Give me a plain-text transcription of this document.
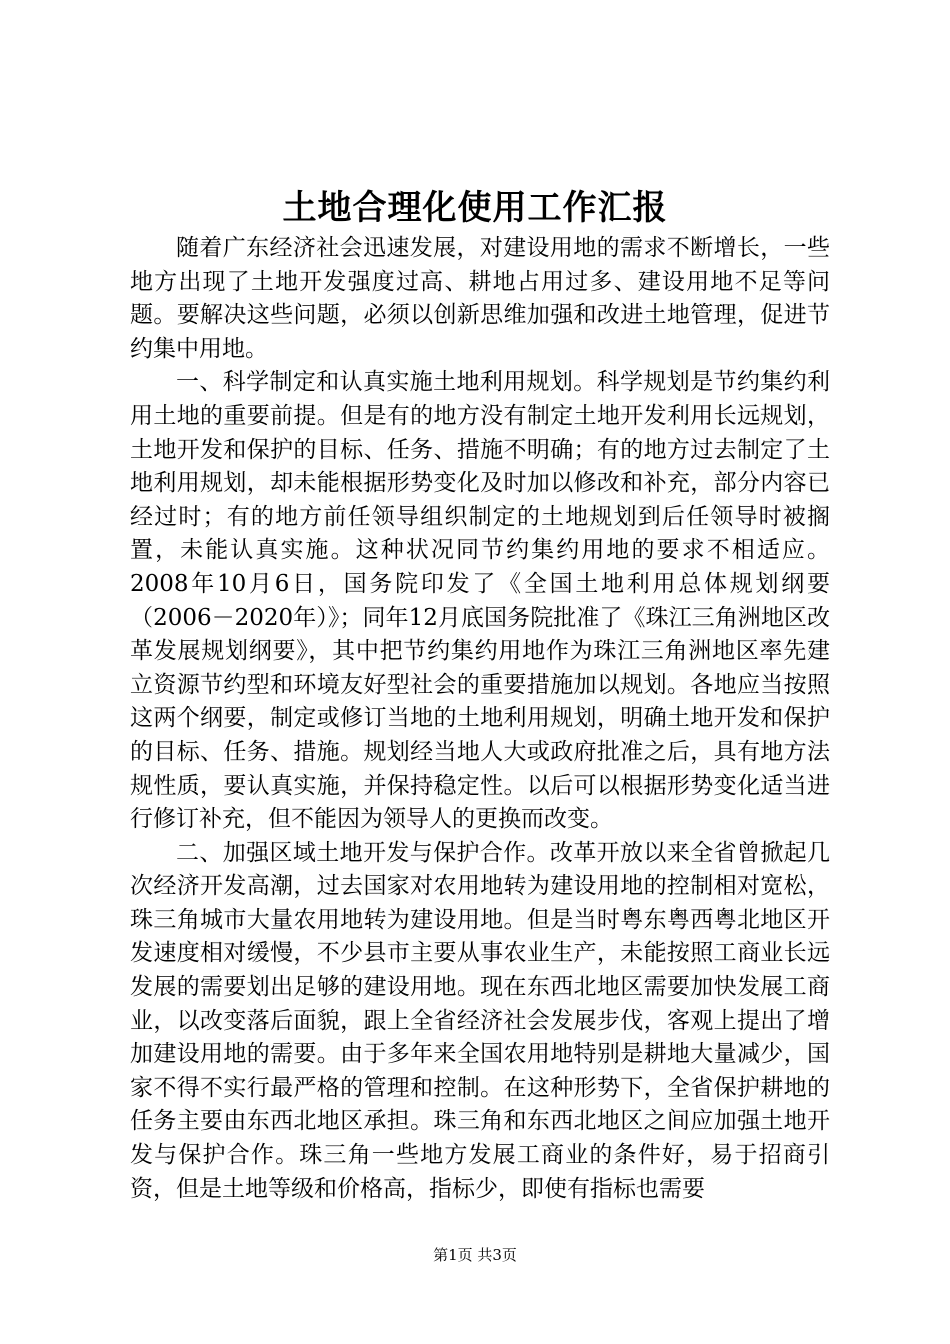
土地合理化使用工作汇报

随着广东经济社会迅速发展，对建设用地的需求不断增长，一些地方出现了土地开发强度过高、耕地占用过多、建设用地不足等问题。要解决这些问题，必须以创新思维加强和改进土地管理，促进节约集中用地。

一、科学制定和认真实施土地利用规划。科学规划是节约集约利用土地的重要前提。但是有的地方没有制定土地开发利用长远规划，土地开发和保护的目标、任务、措施不明确；有的地方过去制定了土地利用规划，却未能根据形势变化及时加以修改和补充，部分内容已经过时；有的地方前任领导组织制定的土地规划到后任领导时被搁置，未能认真实施。这种状况同节约集约用地的要求不相适应。2008年10月6日，国务院印发了《全国土地利用总体规划纲要（2006－2020年）》；同年12月底国务院批准了《珠江三角洲地区改革发展规划纲要》，其中把节约集约用地作为珠江三角洲地区率先建立资源节约型和环境友好型社会的重要措施加以规划。各地应当按照这两个纲要，制定或修订当地的土地利用规划，明确土地开发和保护的目标、任务、措施。规划经当地人大或政府批准之后，具有地方法规性质，要认真实施，并保持稳定性。以后可以根据形势变化适当进行修订补充，但不能因为领导人的更换而改变。

二、加强区域土地开发与保护合作。改革开放以来全省曾掀起几次经济开发高潮，过去国家对农用地转为建设用地的控制相对宽松，珠三角城市大量农用地转为建设用地。但是当时粤东粤西粤北地区开发速度相对缓慢，不少县市主要从事农业生产，未能按照工商业长远发展的需要划出足够的建设用地。现在东西北地区需要加快发展工商业，以改变落后面貌，跟上全省经济社会发展步伐，客观上提出了增加建设用地的需要。由于多年来全国农用地特别是耕地大量减少，国家不得不实行最严格的管理和控制。在这种形势下，全省保护耕地的任务主要由东西北地区承担。珠三角和东西北地区之间应加强土地开发与保护合作。珠三角一些地方发展工商业的条件好，易于招商引资，但是土地等级和价格高，指标少，即使有指标也需要

第1页 共3页
